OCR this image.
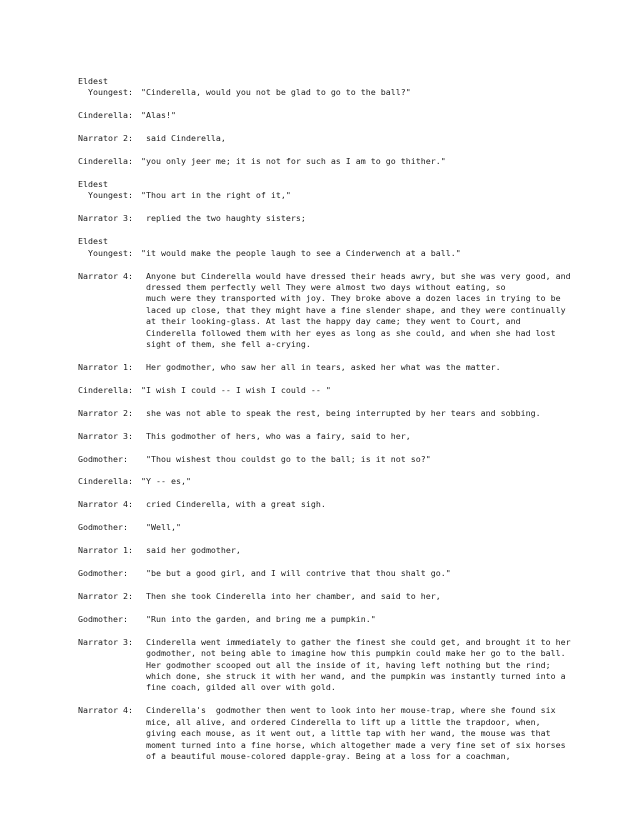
Eldest
Youngest:
"Cinderella, would you not be glad to go to the ball?"
Cinderella: "Alas!"
Narrator 2: said Cinderella,
Cinderella: "you only jeer me; it is not for such as I am to go thither."
Eldest
Youngest:
"Thou art in the right of it,"
Narrator 3: replied the two haughty sisters;
Eldest
Youngest:
"it would make the people laugh to see a Cinderwench at a ball."
Narrator 4:	Anyone but Cinderella would have dressed their heads awry, but she was very good, and
dressed them perfectly well They were almost two days without eating, so
much were they transported with joy. They broke above a dozen laces in trying to be
laced up close, that they might have a fine slender shape, and they were continually
at their looking-glass. At last the happy day came; they went to Court, and
Cinderella followed them with her eyes as long as she could, and when she had lost
sight of them, she fell a-crying.
Narrator 1: Her godmother, who saw her all in tears, asked her what was the matter.
Cinderella: "I wish I could -- I wish I could -- "
Narrator 2: she was not able to speak the rest, being interrupted by her tears and sobbing.
Narrator 3: This godmother of hers, who was a fairy, said to her,
Godmother:	"Thou wishest thou couldst go to the ball; is it not so?"
Cinderella: "Y -- es,"
Narrator 4: cried Cinderella, with a great sigh.
Godmother:	"Well,"
Narrator 1: said her godmother,
Godmother:	"be but a good girl, and I will contrive that thou shalt go."
Narrator 2: Then she took Cinderella into her chamber, and said to her,
Godmother:	"Run into the garden, and bring me a pumpkin."
Narrator 3:	Cinderella went immediately to gather the finest she could get, and brought it to her
godmother, not being able to imagine how this pumpkin could make her go to the ball.
Her godmother scooped out all the inside of it, having left nothing but the rind;
which done, she struck it with her wand, and the pumpkin was instantly turned into a
fine coach, gilded all over with gold.
Narrator 4:	Cinderella's  godmother then went to look into her mouse-trap, where she found six
mice, all alive, and ordered Cinderella to lift up a little the trapdoor, when,
giving each mouse, as it went out, a little tap with her wand, the mouse was that
moment turned into a fine horse, which altogether made a very fine set of six horses
of a beautiful mouse-colored dapple-gray. Being at a loss for a coachman,
